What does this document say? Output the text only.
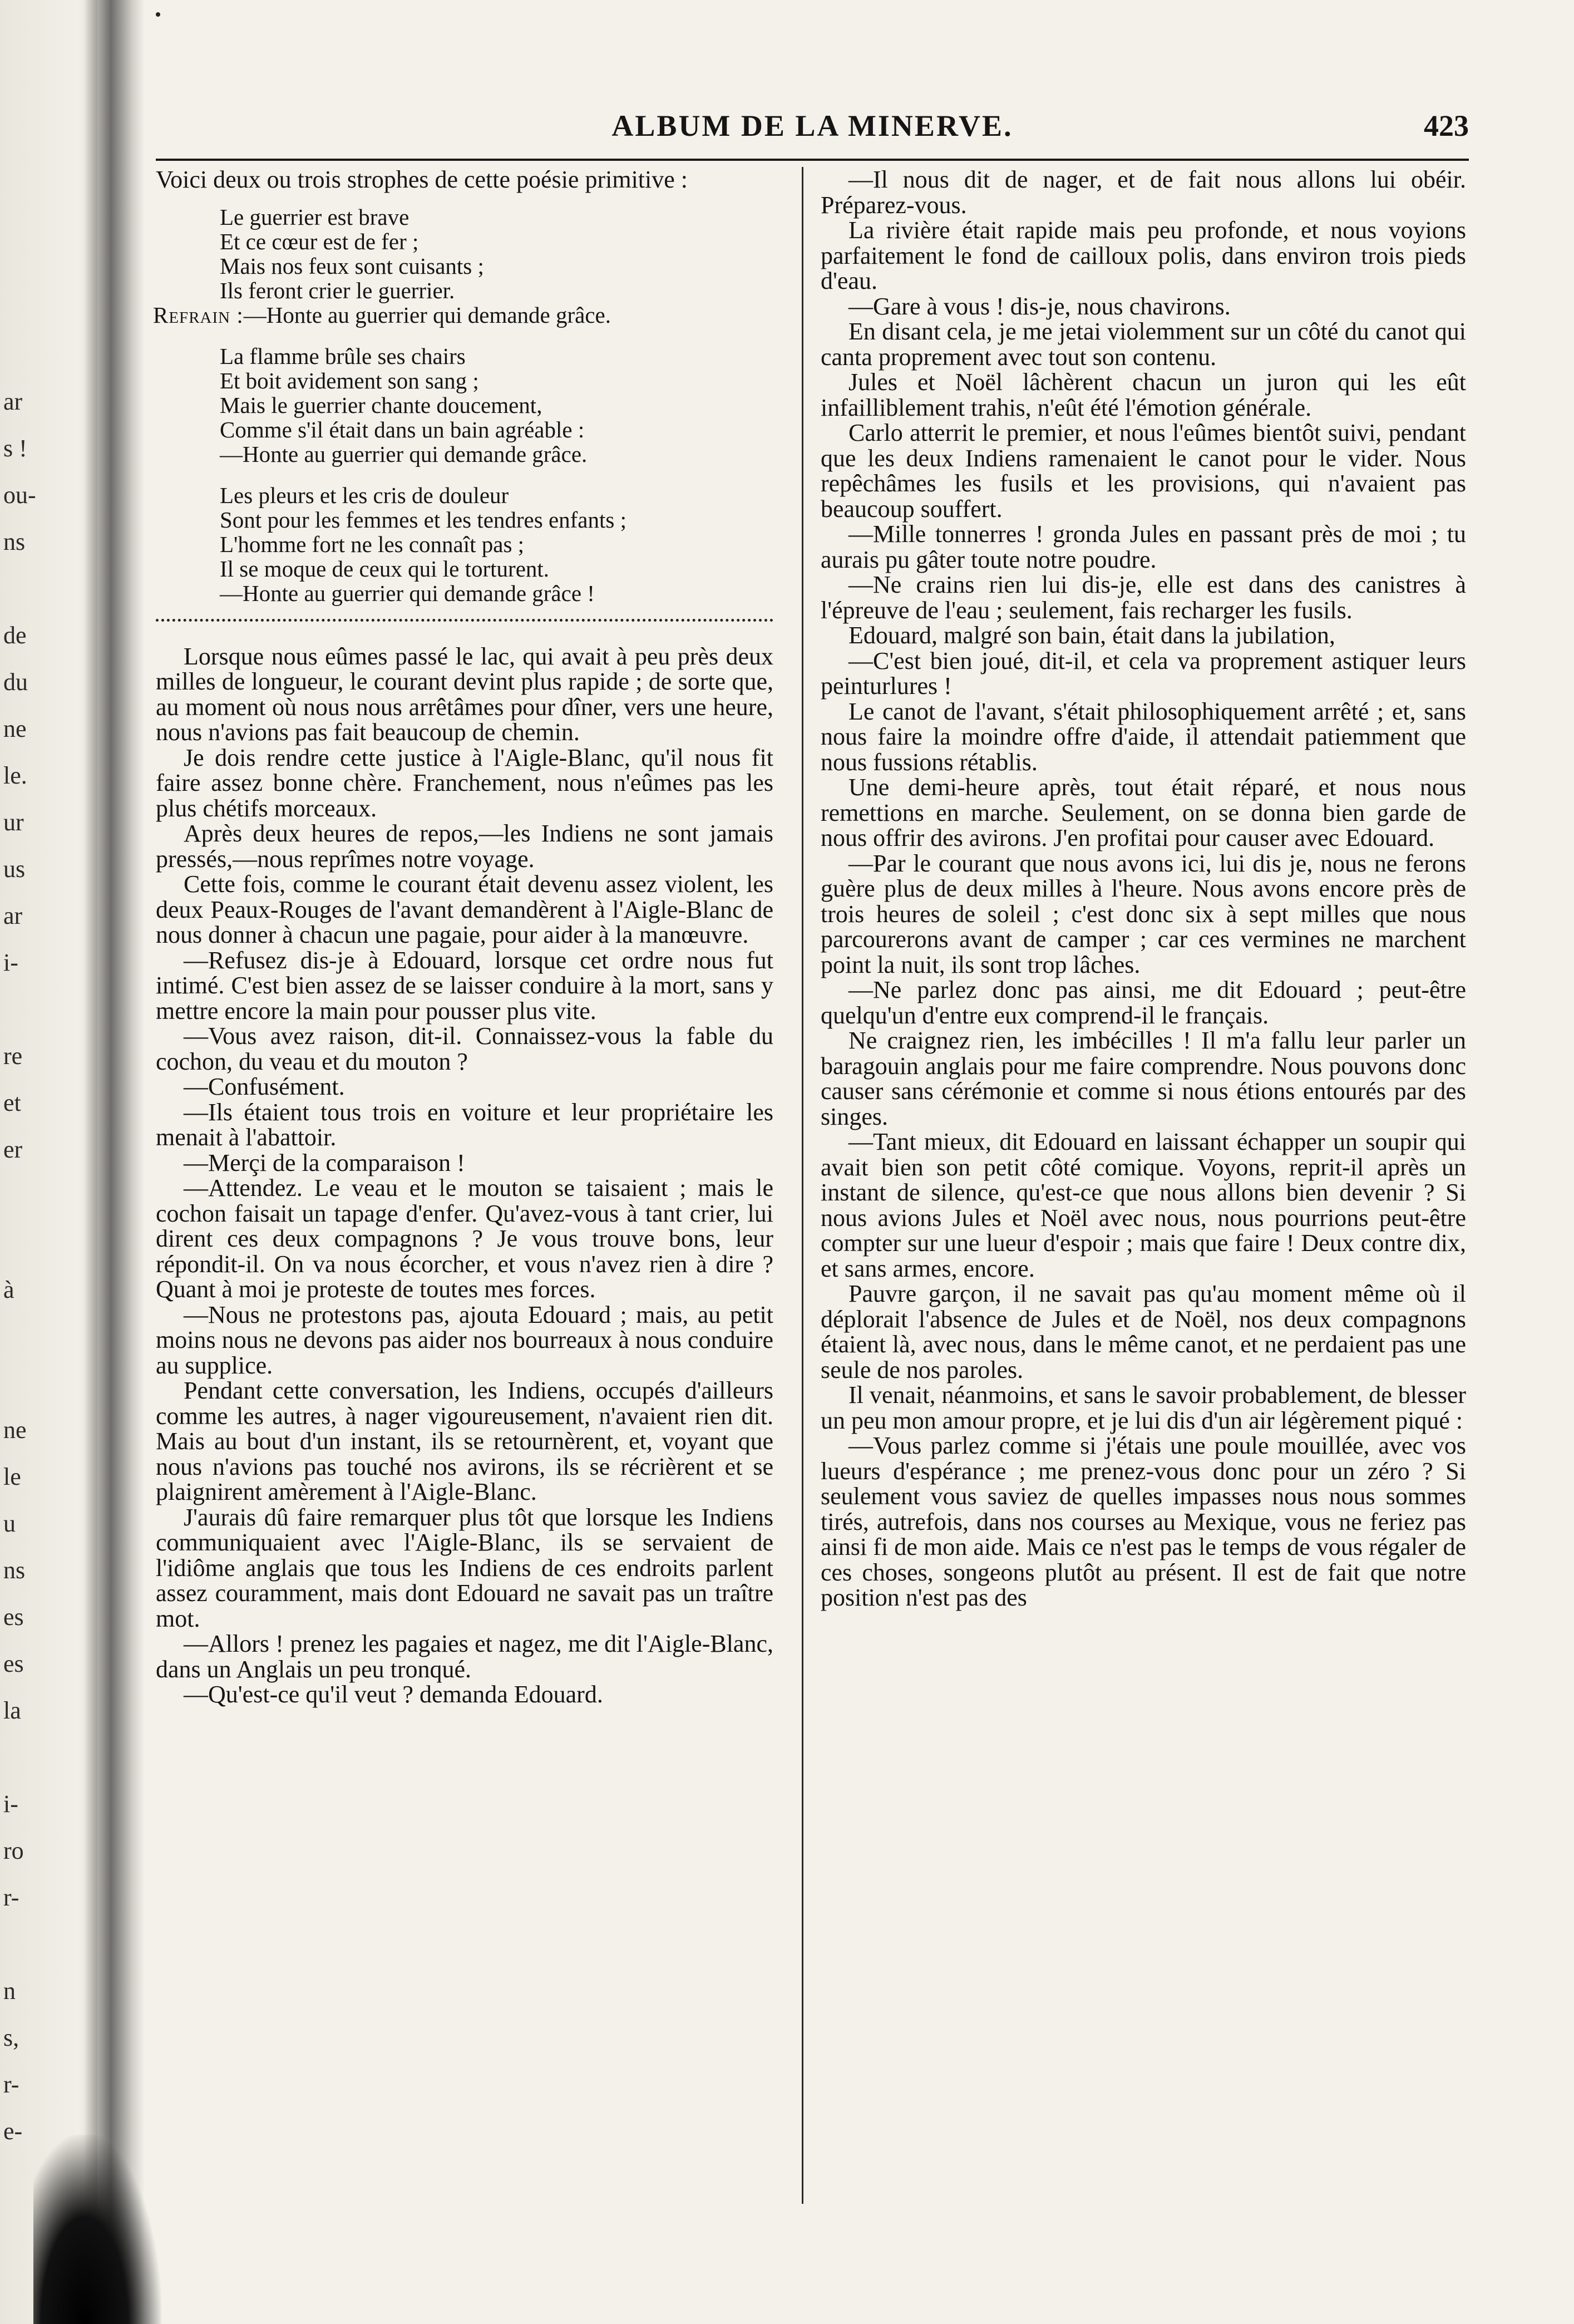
ar
s !
ou-
ns
de
du
ne
le.
ur
us
ar
i-
re
et
er
à
ne
le
u
ns
es
es
la
i-
ro
r-
n
s,
r-
e-
ALBUM DE LA MINERVE.	423

Voici deux ou trois strophes de cette poésie primitive :

Le guerrier est brave
Et ce cœur est de fer ;
Mais nos feux sont cuisants ;
Ils feront crier le guerrier.
Refrain :—Honte au guerrier qui demande grâce.
La flamme brûle ses chairs
Et boit avidement son sang ;
Mais le guerrier chante doucement,
Comme s'il était dans un bain agréable :
—Honte au guerrier qui demande grâce.
Les pleurs et les cris de douleur
Sont pour les femmes et les tendres enfants ;
L'homme fort ne les connaît pas ;
Il se moque de ceux qui le torturent.
—Honte au guerrier qui demande grâce !

Lorsque nous eûmes passé le lac, qui avait à peu près deux milles de longueur, le courant devint plus rapide ; de sorte que, au moment où nous nous arrêtâmes pour dîner, vers une heure, nous n'avions pas fait beaucoup de chemin.

Je dois rendre cette justice à l'Aigle-Blanc, qu'il nous fit faire assez bonne chère. Franchement, nous n'eûmes pas les plus chétifs morceaux.

Après deux heures de repos,—les Indiens ne sont jamais pressés,—nous reprîmes notre voyage.

Cette fois, comme le courant était devenu assez violent, les deux Peaux-Rouges de l'avant demandèrent à l'Aigle-Blanc de nous donner à chacun une pagaie, pour aider à la manœuvre.

—Refusez dis-je à Edouard, lorsque cet ordre nous fut intimé. C'est bien assez de se laisser conduire à la mort, sans y mettre encore la main pour pousser plus vite.

—Vous avez raison, dit-il. Connaissez-vous la fable du cochon, du veau et du mouton ?

—Confusément.

—Ils étaient tous trois en voiture et leur propriétaire les menait à l'abattoir.

—Merçi de la comparaison !

—Attendez. Le veau et le mouton se taisaient ; mais le cochon faisait un tapage d'enfer. Qu'avez-vous à tant crier, lui dirent ces deux compagnons ? Je vous trouve bons, leur répondit-il. On va nous écorcher, et vous n'avez rien à dire ? Quant à moi je proteste de toutes mes forces.

—Nous ne protestons pas, ajouta Edouard ; mais, au petit moins nous ne devons pas aider nos bourreaux à nous conduire au supplice.

Pendant cette conversation, les Indiens, occupés d'ailleurs comme les autres, à nager vigoureusement, n'avaient rien dit. Mais au bout d'un instant, ils se retournèrent, et, voyant que nous n'avions pas touché nos avirons, ils se récrièrent et se plaignirent amèrement à l'Aigle-Blanc.

J'aurais dû faire remarquer plus tôt que lorsque les Indiens communiquaient avec l'Aigle-Blanc, ils se servaient de l'idiôme anglais que tous les Indiens de ces endroits parlent assez couramment, mais dont Edouard ne savait pas un traître mot.

—Allors ! prenez les pagaies et nagez, me dit l'Aigle-Blanc, dans un Anglais un peu tronqué.

—Qu'est-ce qu'il veut ? demanda Edouard.

—Il nous dit de nager, et de fait nous allons lui obéir. Préparez-vous.

La rivière était rapide mais peu profonde, et nous voyions parfaitement le fond de cailloux polis, dans environ trois pieds d'eau.

—Gare à vous ! dis-je, nous chavirons.

En disant cela, je me jetai violemment sur un côté du canot qui canta proprement avec tout son contenu.

Jules et Noël lâchèrent chacun un juron qui les eût infailliblement trahis, n'eût été l'émotion générale.

Carlo atterrit le premier, et nous l'eûmes bientôt suivi, pendant que les deux Indiens ramenaient le canot pour le vider. Nous repêchâmes les fusils et les provisions, qui n'avaient pas beaucoup souffert.

—Mille tonnerres ! gronda Jules en passant près de moi ; tu aurais pu gâter toute notre poudre.

—Ne crains rien lui dis-je, elle est dans des canistres à l'épreuve de l'eau ; seulement, fais recharger les fusils.

Edouard, malgré son bain, était dans la jubilation,

—C'est bien joué, dit-il, et cela va proprement astiquer leurs peinturlures !

Le canot de l'avant, s'était philosophiquement arrêté ; et, sans nous faire la moindre offre d'aide, il attendait patiemment que nous fussions rétablis.

Une demi-heure après, tout était réparé, et nous nous remettions en marche. Seulement, on se donna bien garde de nous offrir des avirons. J'en profitai pour causer avec Edouard.

—Par le courant que nous avons ici, lui dis je, nous ne ferons guère plus de deux milles à l'heure. Nous avons encore près de trois heures de soleil ; c'est donc six à sept milles que nous parcourerons avant de camper ; car ces vermines ne marchent point la nuit, ils sont trop lâches.

—Ne parlez donc pas ainsi, me dit Edouard ; peut-être quelqu'un d'entre eux comprend-il le français.

Ne craignez rien, les imbécilles ! Il m'a fallu leur parler un baragouin anglais pour me faire comprendre. Nous pouvons donc causer sans cérémonie et comme si nous étions entourés par des singes.

—Tant mieux, dit Edouard en laissant échapper un soupir qui avait bien son petit côté comique. Voyons, reprit-il après un instant de silence, qu'est-ce que nous allons bien devenir ? Si nous avions Jules et Noël avec nous, nous pourrions peut-être compter sur une lueur d'espoir ; mais que faire ! Deux contre dix, et sans armes, encore.

Pauvre garçon, il ne savait pas qu'au moment même où il déplorait l'absence de Jules et de Noël, nos deux compagnons étaient là, avec nous, dans le même canot, et ne perdaient pas une seule de nos paroles.

Il venait, néanmoins, et sans le savoir probablement, de blesser un peu mon amour propre, et je lui dis d'un air légèrement piqué :

—Vous parlez comme si j'étais une poule mouillée, avec vos lueurs d'espérance ; me prenez-vous donc pour un zéro ? Si seulement vous saviez de quelles impasses nous nous sommes tirés, autrefois, dans nos courses au Mexique, vous ne feriez pas ainsi fi de mon aide. Mais ce n'est pas le temps de vous régaler de ces choses, songeons plutôt au présent. Il est de fait que notre position n'est pas des
